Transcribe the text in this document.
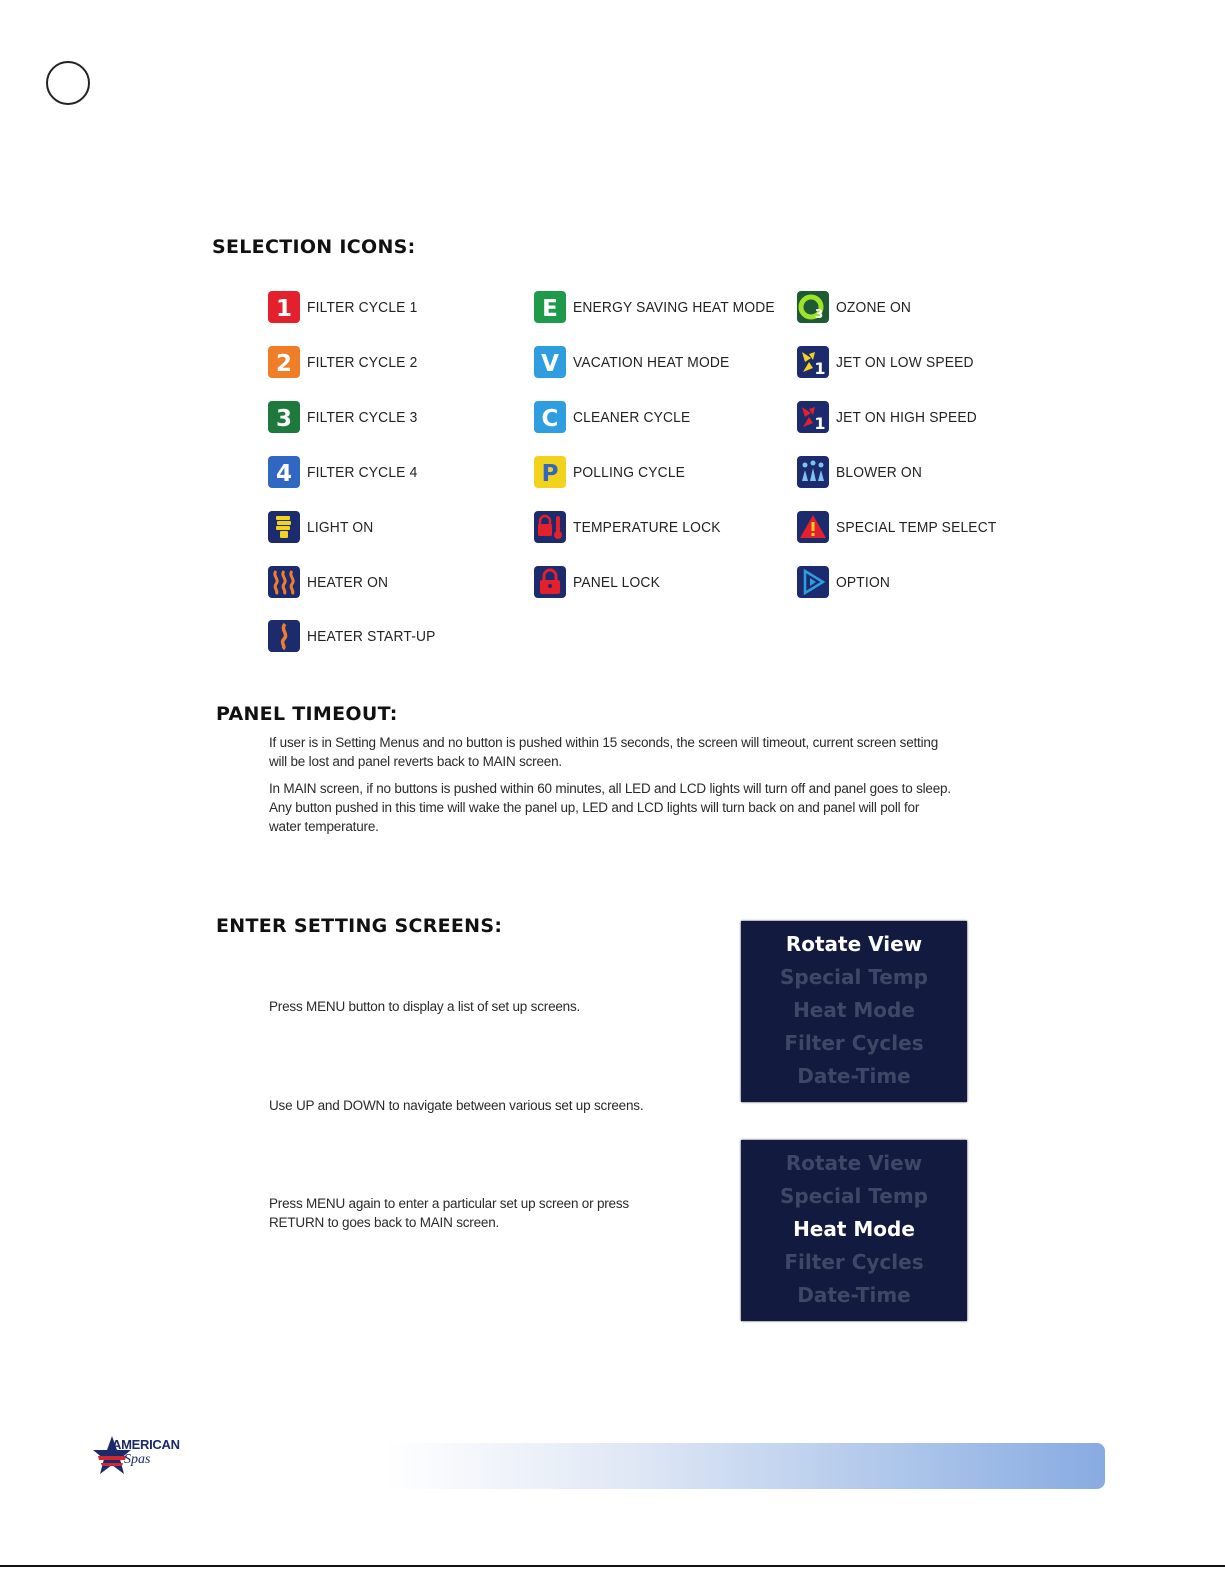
SELECTION ICONS:
1 FILTER CYCLE 1
2 FILTER CYCLE 2
3 FILTER CYCLE 3
4 FILTER CYCLE 4
LIGHT ON
HEATER ON
HEATER START-UP
E ENERGY SAVING HEAT MODE
V VACATION HEAT MODE
C CLEANER CYCLE
P POLLING CYCLE
TEMPERATURE LOCK
PANEL LOCK
3 OZONE ON
1 JET ON LOW SPEED
1 JET ON HIGH SPEED
BLOWER ON
SPECIAL TEMP SELECT
OPTION
PANEL TIMEOUT:

If user is in Setting Menus and no button is pushed within 15 seconds, the screen will timeout, current screen setting

will be lost and panel reverts back to MAIN screen.

In MAIN screen, if no buttons is pushed within 60 minutes, all LED and LCD lights will turn off and panel goes to sleep.

Any button pushed in this time will wake the panel up, LED and LCD lights will turn back on and panel will poll for

water temperature.

ENTER SETTING SCREENS:

Press MENU button to display a list of set up screens.

Use UP and DOWN to navigate between various set up screens.

Press MENU again to enter a particular set up screen or press

RETURN to goes back to MAIN screen.

Rotate View
Special Temp
Heat Mode
Filter Cycles
Date-Time
Rotate View
Special Temp
Heat Mode
Filter Cycles
Date-Time
AMERICAN
Spas
